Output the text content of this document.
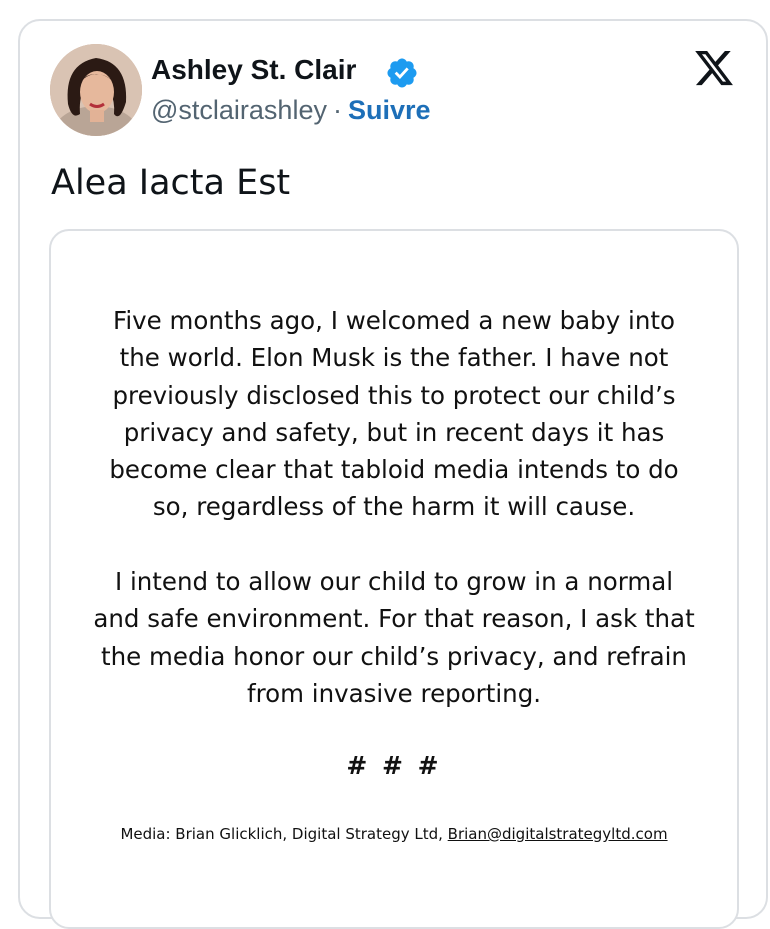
Ashley St. Clair
@stclairashley · Suivre
Alea Iacta Est
Five months ago, I welcomed a new baby into
the world. Elon Musk is the father. I have not
previously disclosed this to protect our child’s
privacy and safety, but in recent days it has
become clear that tabloid media intends to do
so, regardless of the harm it will cause.
I intend to allow our child to grow in a normal
and safe environment. For that reason, I ask that
the media honor our child’s privacy, and refrain
from invasive reporting.
# # #
Media: Brian Glicklich, Digital Strategy Ltd, Brian@digitalstrategyltd.com
